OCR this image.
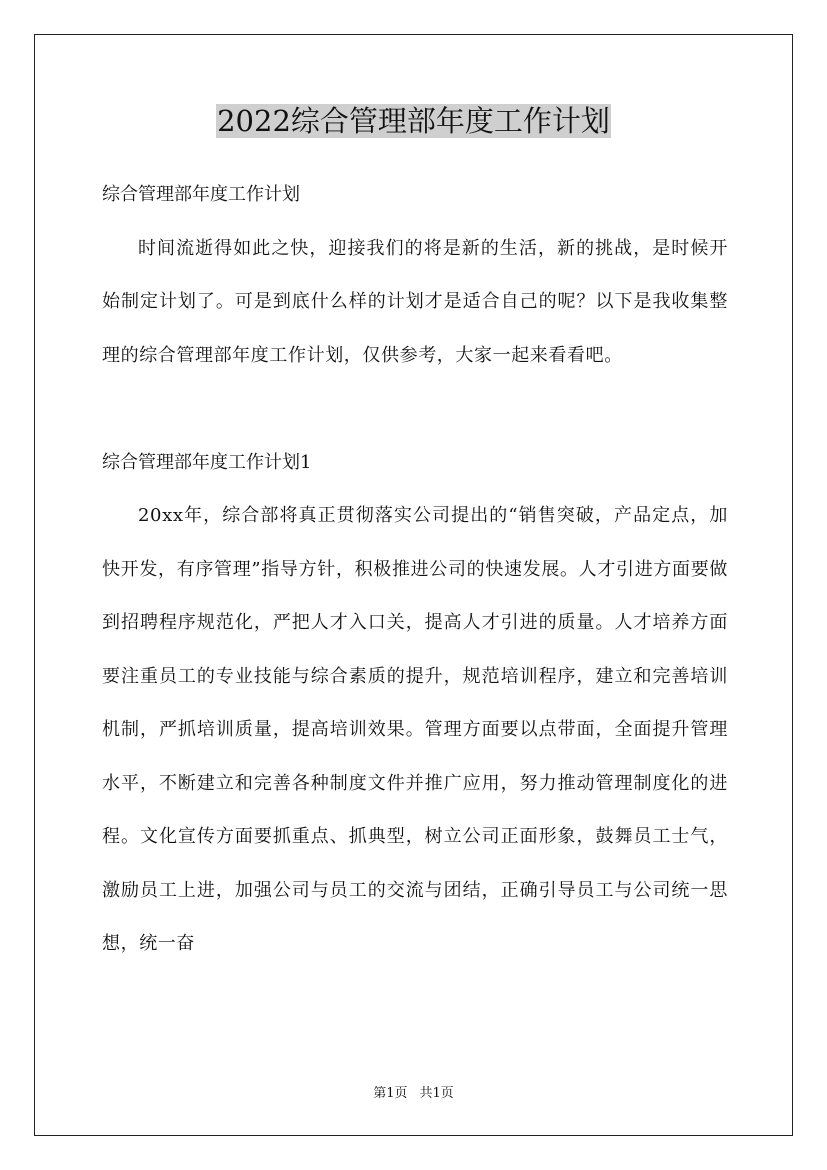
2022综合管理部年度工作计划

综合管理部年度工作计划

时间流逝得如此之快，迎接我们的将是新的生活，新的挑战，是时候开始制定计划了。可是到底什么样的计划才是适合自己的呢？以下是我收集整理的综合管理部年度工作计划，仅供参考，大家一起来看看吧。

综合管理部年度工作计划1

20xx年，综合部将真正贯彻落实公司提出的“销售突破，产品定点，加快开发，有序管理”指导方针，积极推进公司的快速发展。人才引进方面要做到招聘程序规范化，严把人才入口关，提高人才引进的质量。人才培养方面要注重员工的专业技能与综合素质的提升，规范培训程序，建立和完善培训机制，严抓培训质量，提高培训效果。管理方面要以点带面，全面提升管理水平，不断建立和完善各种制度文件并推广应用，努力推动管理制度化的进程。文化宣传方面要抓重点、抓典型，树立公司正面形象，鼓舞员工士气，激励员工上进，加强公司与员工的交流与团结，正确引导员工与公司统一思想，统一奋

第1页 共1页
